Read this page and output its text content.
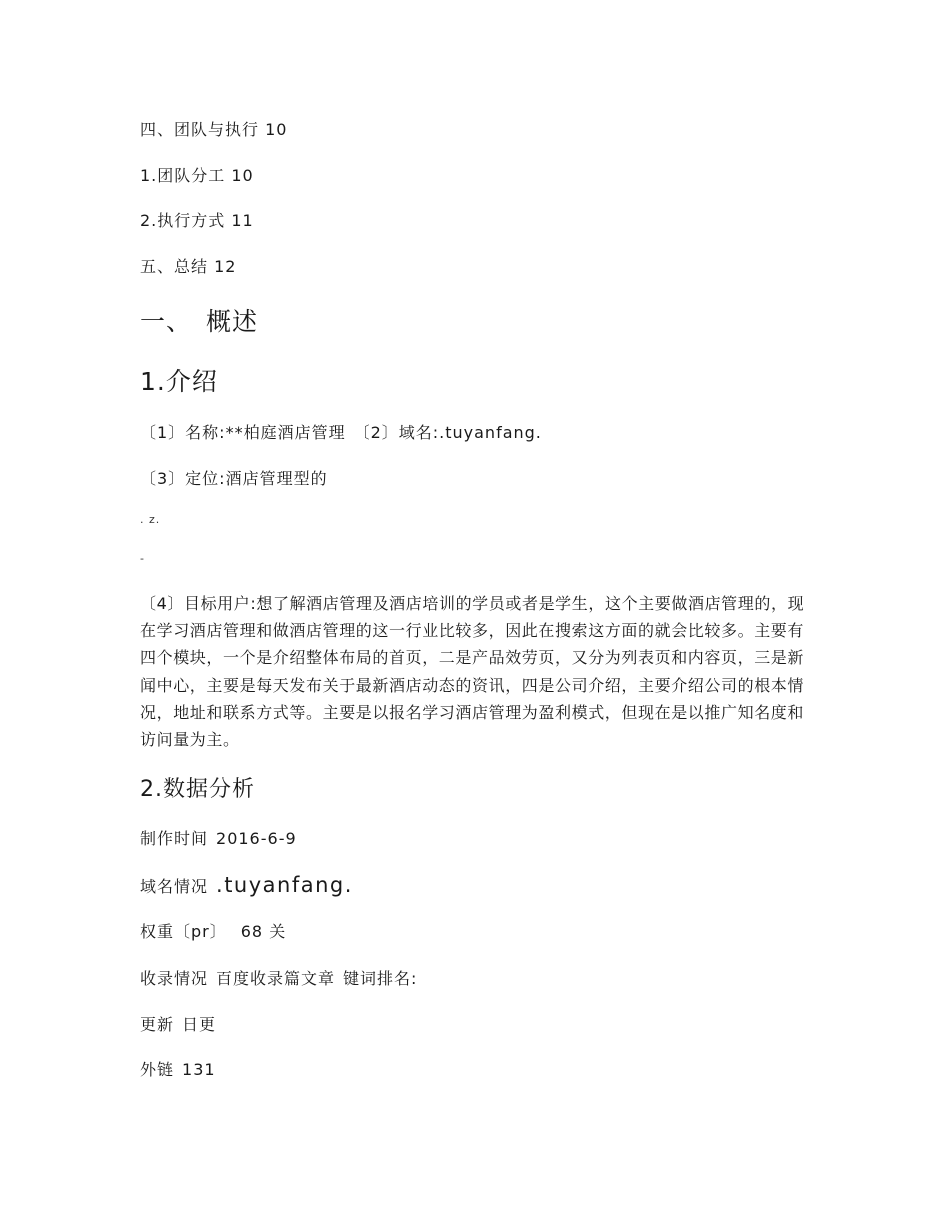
四、团队与执行 10
1.团队分工 10
2.执行方式 11
五、总结 12
一、 概述
1.介绍
〔1〕名称:**柏庭酒店管理 〔2〕域名:.tuyanfang.
〔3〕定位:酒店管理型的
. z.
-
〔4〕目标用户:想了解酒店管理及酒店培训的学员或者是学生，这个主要做酒店管理的，现在学习酒店管理和做酒店管理的这一行业比较多，因此在搜索这方面的就会比较多。主要有四个模块，一个是介绍整体布局的首页，二是产品效劳页，又分为列表页和内容页，三是新闻中心，主要是每天发布关于最新酒店动态的资讯，四是公司介绍，主要介绍公司的根本情况，地址和联系方式等。主要是以报名学习酒店管理为盈利模式，但现在是以推广知名度和访问量为主。
2.数据分析
制作时间 2016-6-9
域名情况 .tuyanfang.
权重〔pr〕 68 关
收录情况 百度收录篇文章 键词排名:
更新 日更
外链 131
